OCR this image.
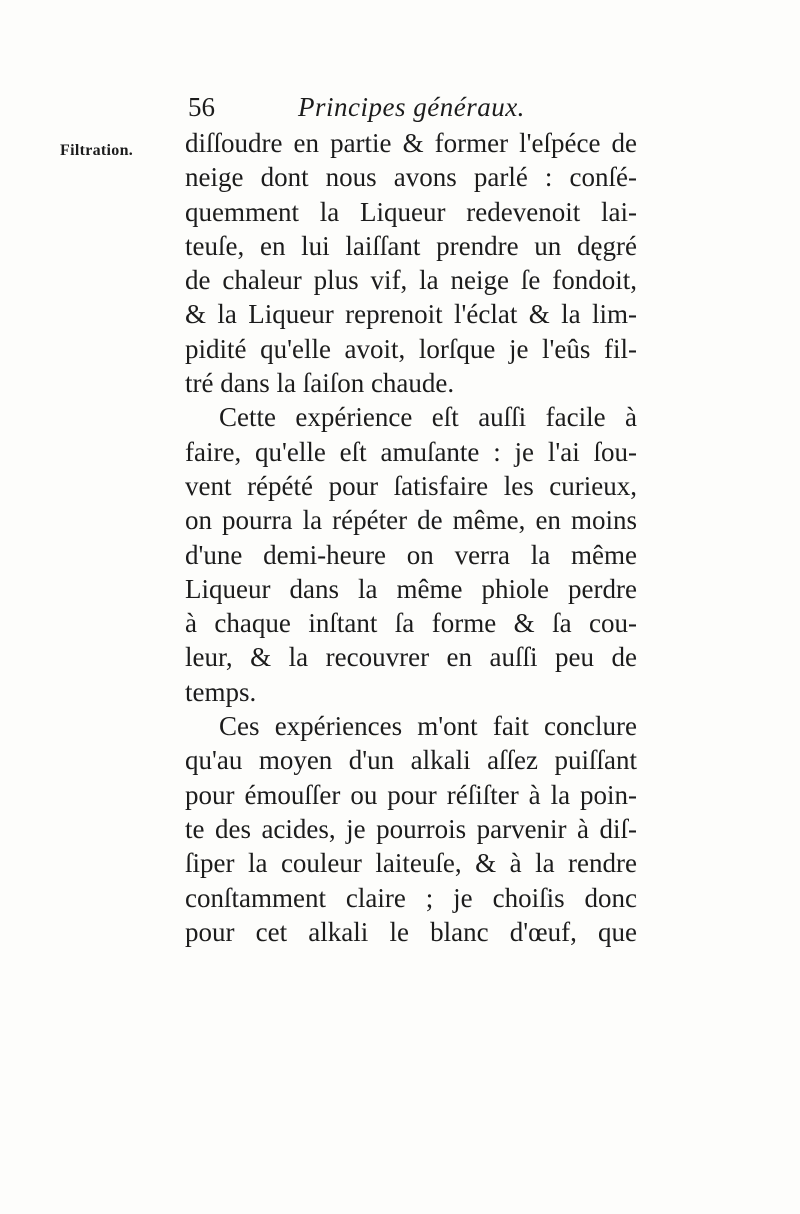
56	Principes généraux.
Filtration. diſſoudre en partie & former l'eſpéce de
neige dont nous avons parlé : conſé-
quemment la Liqueur redevenoit lai-
teuſe, en lui laiſſant prendre un dęgré
de chaleur plus vif, la neige ſe fondoit,
& la Liqueur reprenoit l'éclat & la lim-
pidité qu'elle avoit, lorſque je l'eûs fil-
tré dans la ſaiſon chaude.
Cette expérience eſt auſſi facile à
faire, qu'elle eſt amuſante : je l'ai ſou-
vent répété pour ſatisfaire les curieux,
on pourra la répéter de même, en moins
d'une demi-heure on verra la même
Liqueur dans la même phiole perdre
à chaque inſtant ſa forme & ſa cou-
leur, & la recouvrer en auſſi peu de
temps.
Ces expériences m'ont fait conclure
qu'au moyen d'un alkali aſſez puiſſant
pour émouſſer ou pour réſiſter à la poin-
te des acides, je pourrois parvenir à diſ-
ſiper la couleur laiteuſe, & à la rendre
conſtamment claire ; je choiſis donc
pour cet alkali le blanc d'œuf, que
